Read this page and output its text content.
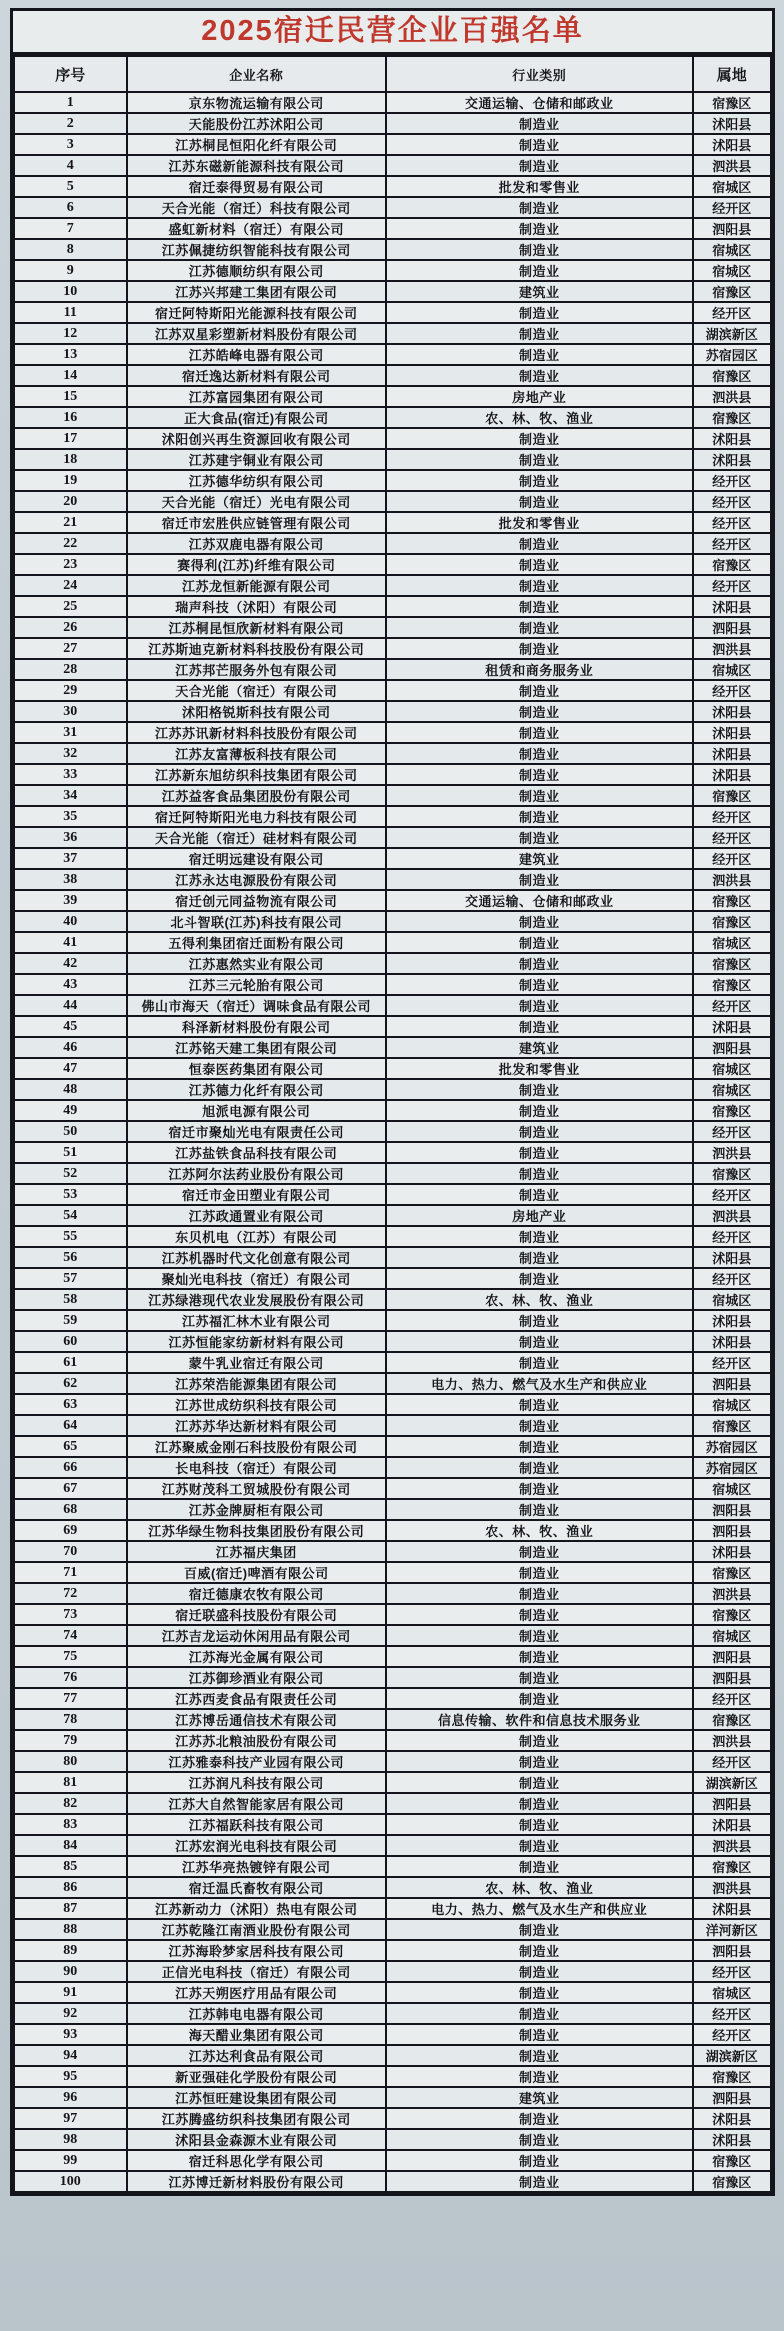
2025宿迁民营企业百强名单
序号	企业名称	行业类别	属地
1	京东物流运输有限公司	交通运输、仓储和邮政业	宿豫区
2	天能股份江苏沭阳公司	制造业	沭阳县
3	江苏桐昆恒阳化纤有限公司	制造业	沭阳县
4	江苏东磁新能源科技有限公司	制造业	泗洪县
5	宿迁泰得贸易有限公司	批发和零售业	宿城区
6	天合光能（宿迁）科技有限公司	制造业	经开区
7	盛虹新材料（宿迁）有限公司	制造业	泗阳县
8	江苏佩捷纺织智能科技有限公司	制造业	宿城区
9	江苏德顺纺织有限公司	制造业	宿城区
10	江苏兴邦建工集团有限公司	建筑业	宿豫区
11	宿迁阿特斯阳光能源科技有限公司	制造业	经开区
12	江苏双星彩塑新材料股份有限公司	制造业	湖滨新区
13	江苏皓峰电器有限公司	制造业	苏宿园区
14	宿迁逸达新材料有限公司	制造业	宿豫区
15	江苏富园集团有限公司	房地产业	泗洪县
16	正大食品(宿迁)有限公司	农、林、牧、渔业	宿豫区
17	沭阳创兴再生资源回收有限公司	制造业	沭阳县
18	江苏建宇铜业有限公司	制造业	沭阳县
19	江苏德华纺织有限公司	制造业	经开区
20	天合光能（宿迁）光电有限公司	制造业	经开区
21	宿迁市宏胜供应链管理有限公司	批发和零售业	经开区
22	江苏双鹿电器有限公司	制造业	经开区
23	赛得利(江苏)纤维有限公司	制造业	宿豫区
24	江苏龙恒新能源有限公司	制造业	经开区
25	瑞声科技（沭阳）有限公司	制造业	沭阳县
26	江苏桐昆恒欣新材料有限公司	制造业	泗阳县
27	江苏斯迪克新材料科技股份有限公司	制造业	泗洪县
28	江苏邦芒服务外包有限公司	租赁和商务服务业	宿城区
29	天合光能（宿迁）有限公司	制造业	经开区
30	沭阳格锐斯科技有限公司	制造业	沭阳县
31	江苏苏讯新材料科技股份有限公司	制造业	沭阳县
32	江苏友富薄板科技有限公司	制造业	沭阳县
33	江苏新东旭纺织科技集团有限公司	制造业	沭阳县
34	江苏益客食品集团股份有限公司	制造业	宿豫区
35	宿迁阿特斯阳光电力科技有限公司	制造业	经开区
36	天合光能（宿迁）硅材料有限公司	制造业	经开区
37	宿迁明远建设有限公司	建筑业	经开区
38	江苏永达电源股份有限公司	制造业	泗洪县
39	宿迁创元同益物流有限公司	交通运输、仓储和邮政业	宿豫区
40	北斗智联(江苏)科技有限公司	制造业	宿豫区
41	五得利集团宿迁面粉有限公司	制造业	宿城区
42	江苏惠然实业有限公司	制造业	宿豫区
43	江苏三元轮胎有限公司	制造业	宿豫区
44	佛山市海天（宿迁）调味食品有限公司	制造业	经开区
45	科泽新材料股份有限公司	制造业	沭阳县
46	江苏铭天建工集团有限公司	建筑业	泗阳县
47	恒泰医药集团有限公司	批发和零售业	宿城区
48	江苏德力化纤有限公司	制造业	宿城区
49	旭派电源有限公司	制造业	宿豫区
50	宿迁市聚灿光电有限责任公司	制造业	经开区
51	江苏盐铁食品科技有限公司	制造业	泗洪县
52	江苏阿尔法药业股份有限公司	制造业	宿豫区
53	宿迁市金田塑业有限公司	制造业	经开区
54	江苏政通置业有限公司	房地产业	泗洪县
55	东贝机电（江苏）有限公司	制造业	经开区
56	江苏机器时代文化创意有限公司	制造业	沭阳县
57	聚灿光电科技（宿迁）有限公司	制造业	经开区
58	江苏绿港现代农业发展股份有限公司	农、林、牧、渔业	宿城区
59	江苏福汇林木业有限公司	制造业	沭阳县
60	江苏恒能家纺新材料有限公司	制造业	沭阳县
61	蒙牛乳业宿迁有限公司	制造业	经开区
62	江苏荣浩能源集团有限公司	电力、热力、燃气及水生产和供应业	泗阳县
63	江苏世成纺织科技有限公司	制造业	宿城区
64	江苏苏华达新材料有限公司	制造业	宿豫区
65	江苏聚威金刚石科技股份有限公司	制造业	苏宿园区
66	长电科技（宿迁）有限公司	制造业	苏宿园区
67	江苏财茂科工贸城股份有限公司	制造业	宿城区
68	江苏金牌厨柜有限公司	制造业	泗阳县
69	江苏华绿生物科技集团股份有限公司	农、林、牧、渔业	泗阳县
70	江苏福庆集团	制造业	沭阳县
71	百威(宿迁)啤酒有限公司	制造业	宿豫区
72	宿迁德康农牧有限公司	制造业	泗洪县
73	宿迁联盛科技股份有限公司	制造业	宿豫区
74	江苏吉龙运动休闲用品有限公司	制造业	宿城区
75	江苏海光金属有限公司	制造业	泗阳县
76	江苏御珍酒业有限公司	制造业	泗阳县
77	江苏西麦食品有限责任公司	制造业	经开区
78	江苏博岳通信技术有限公司	信息传输、软件和信息技术服务业	宿豫区
79	江苏苏北粮油股份有限公司	制造业	泗洪县
80	江苏雅泰科技产业园有限公司	制造业	经开区
81	江苏润凡科技有限公司	制造业	湖滨新区
82	江苏大自然智能家居有限公司	制造业	泗阳县
83	江苏福跃科技有限公司	制造业	沭阳县
84	江苏宏润光电科技有限公司	制造业	泗洪县
85	江苏华亮热镀锌有限公司	制造业	宿豫区
86	宿迁温氏畜牧有限公司	农、林、牧、渔业	泗洪县
87	江苏新动力（沭阳）热电有限公司	电力、热力、燃气及水生产和供应业	沭阳县
88	江苏乾隆江南酒业股份有限公司	制造业	洋河新区
89	江苏海聆梦家居科技有限公司	制造业	泗阳县
90	正信光电科技（宿迁）有限公司	制造业	经开区
91	江苏天朔医疗用品有限公司	制造业	宿城区
92	江苏韩电电器有限公司	制造业	经开区
93	海天醋业集团有限公司	制造业	经开区
94	江苏达利食品有限公司	制造业	湖滨新区
95	新亚强硅化学股份有限公司	制造业	宿豫区
96	江苏恒旺建设集团有限公司	建筑业	泗阳县
97	江苏腾盛纺织科技集团有限公司	制造业	沭阳县
98	沭阳县金森源木业有限公司	制造业	沭阳县
99	宿迁科思化学有限公司	制造业	宿豫区
100	江苏博迁新材料股份有限公司	制造业	宿豫区
